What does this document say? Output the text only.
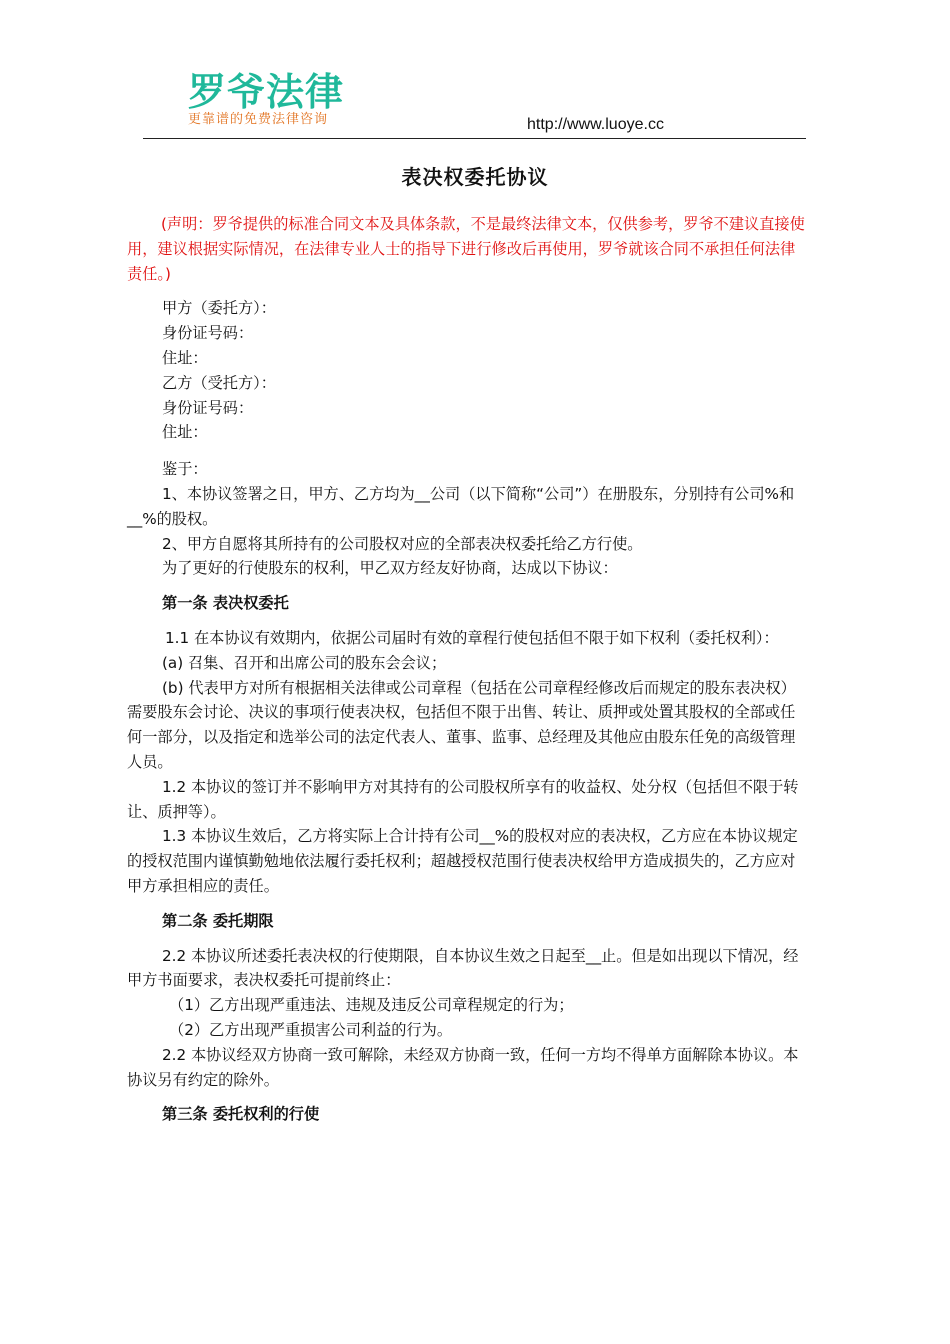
罗爷法律
更靠谱的免费法律咨询	http://www.luoye.cc
表决权委托协议

(声明：罗爷提供的标准合同文本及具体条款，不是最终法律文本，仅供参考，罗爷不建议直接使用，建议根据实际情况，在法律专业人士的指导下进行修改后再使用，罗爷就该合同不承担任何法律责任。)

甲方（委托方）：

身份证号码：

住址：

乙方（受托方）：

身份证号码：

住址：

鉴于：

1、本协议签署之日，甲方、乙方均为__公司（以下简称“公司”）在册股东，分别持有公司%和__%的股权。

2、甲方自愿将其所持有的公司股权对应的全部表决权委托给乙方行使。

为了更好的行使股东的权利，甲乙双方经友好协商，达成以下协议：

第一条 表决权委托

1.1 在本协议有效期内，依据公司届时有效的章程行使包括但不限于如下权利（委托权利）：

(a) 召集、召开和出席公司的股东会会议；

(b) 代表甲方对所有根据相关法律或公司章程（包括在公司章程经修改后而规定的股东表决权）需要股东会讨论、决议的事项行使表决权，包括但不限于出售、转让、质押或处置其股权的全部或任何一部分，以及指定和选举公司的法定代表人、董事、监事、总经理及其他应由股东任免的高级管理人员。

1.2 本协议的签订并不影响甲方对其持有的公司股权所享有的收益权、处分权（包括但不限于转让、质押等）。

1.3 本协议生效后，乙方将实际上合计持有公司__%的股权对应的表决权，乙方应在本协议规定的授权范围内谨慎勤勉地依法履行委托权利；超越授权范围行使表决权给甲方造成损失的，乙方应对甲方承担相应的责任。

第二条 委托期限

2.2 本协议所述委托表决权的行使期限，自本协议生效之日起至__止。但是如出现以下情况，经甲方书面要求，表决权委托可提前终止：

（1）乙方出现严重违法、违规及违反公司章程规定的行为；

（2）乙方出现严重损害公司利益的行为。

2.2 本协议经双方协商一致可解除，未经双方协商一致，任何一方均不得单方面解除本协议。本协议另有约定的除外。

第三条 委托权利的行使
